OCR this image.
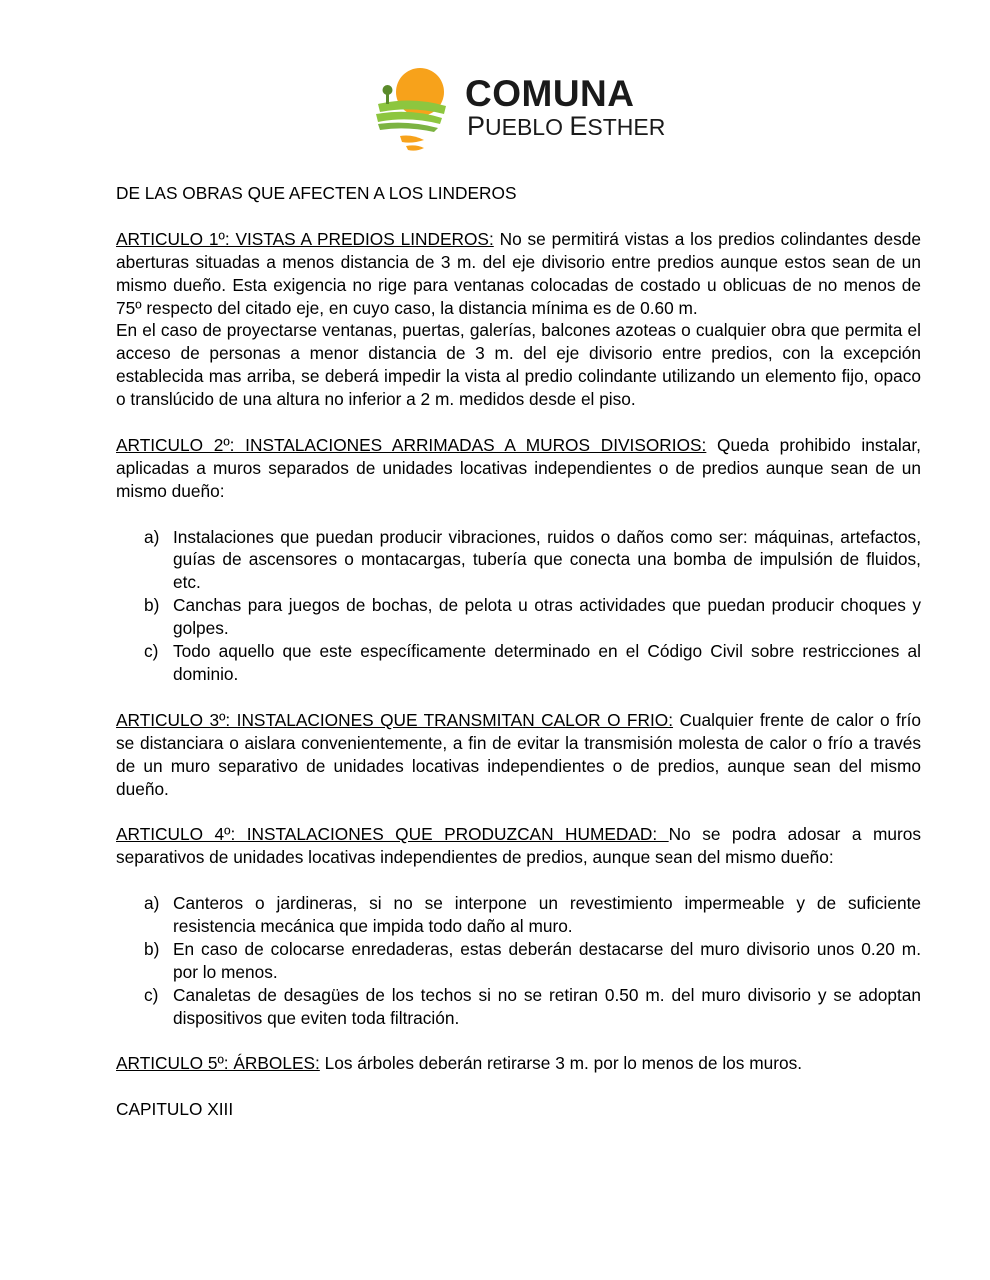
COMUNA
PUEBLO ESTHER

DE LAS OBRAS QUE AFECTEN A LOS LINDEROS

ARTICULO 1º: VISTAS A PREDIOS LINDEROS: No se permitirá vistas a los predios colindantes desde aberturas situadas a menos distancia de 3 m. del eje divisorio entre predios aunque estos sean de un mismo dueño. Esta exigencia no rige para ventanas colocadas de costado u oblicuas de no menos de 75º respecto del citado eje, en cuyo caso, la distancia mínima es de 0.60 m.

En el caso de proyectarse ventanas, puertas, galerías, balcones azoteas o cualquier obra que permita el acceso de personas a menor distancia de 3 m. del eje divisorio entre predios, con la excepción establecida mas arriba, se deberá impedir la vista al predio colindante utilizando un elemento fijo, opaco o translúcido de una altura no inferior a 2 m. medidos desde el piso.

ARTICULO 2º: INSTALACIONES ARRIMADAS A MUROS DIVISORIOS: Queda prohibido instalar, aplicadas a muros separados de unidades locativas independientes o de predios aunque sean de un mismo dueño:

a) Instalaciones que puedan producir vibraciones, ruidos o daños como ser: máquinas, artefactos, guías de ascensores o montacargas, tubería que conecta una bomba de impulsión de fluidos, etc.
b) Canchas para juegos de bochas, de pelota u otras actividades que puedan producir choques y golpes.
c) Todo aquello que este específicamente determinado en el Código Civil sobre restricciones al dominio.

ARTICULO 3º: INSTALACIONES QUE TRANSMITAN CALOR O FRIO: Cualquier frente de calor o frío se distanciara o aislara convenientemente, a fin de evitar la transmisión molesta de calor o frío a través de un muro separativo de unidades locativas independientes o de predios, aunque sean del mismo dueño.

ARTICULO 4º: INSTALACIONES QUE PRODUZCAN HUMEDAD: No se podra adosar a muros separativos de unidades locativas independientes de predios, aunque sean del mismo dueño:

a) Canteros o jardineras, si no se interpone un revestimiento impermeable y de suficiente resistencia mecánica que impida todo daño al muro.
b) En caso de colocarse enredaderas, estas deberán destacarse del muro divisorio unos 0.20 m. por lo menos.
c) Canaletas de desagües de los techos si no se retiran 0.50 m. del muro divisorio y se adoptan dispositivos que eviten toda filtración.

ARTICULO 5º: ÁRBOLES: Los árboles deberán retirarse 3 m. por lo menos de los muros.

CAPITULO XIII
